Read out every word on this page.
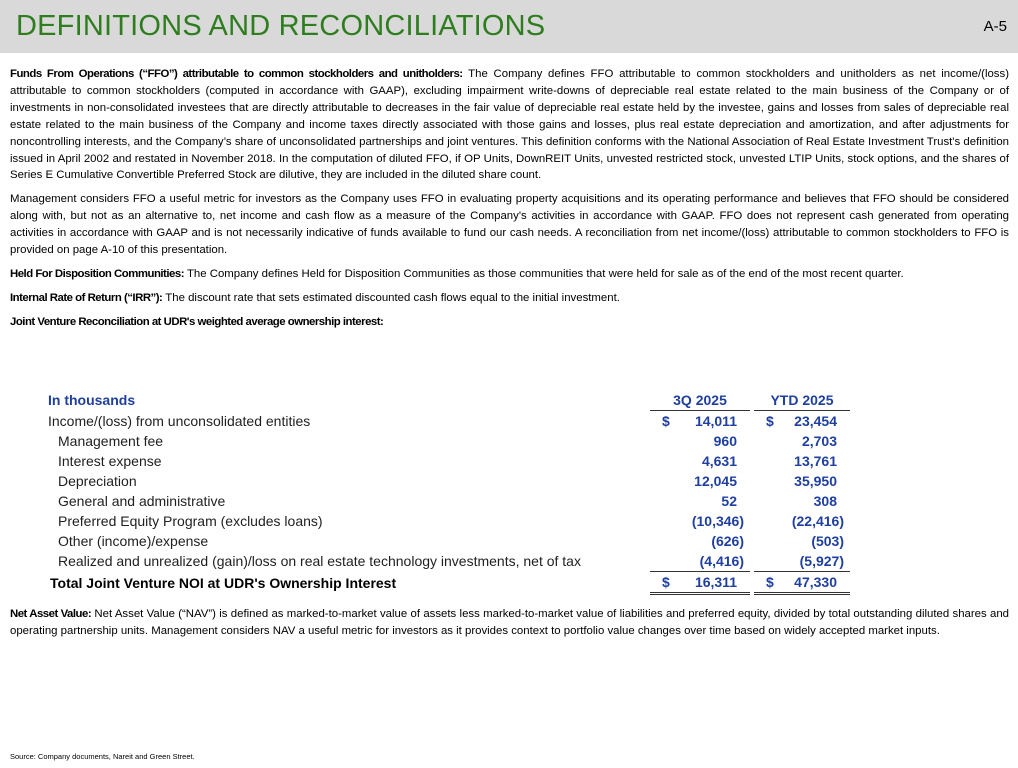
DEFINITIONS AND RECONCILIATIONS	A-5

Funds From Operations (“FFO”) attributable to common stockholders and unitholders: The Company defines FFO attributable to common stockholders and unitholders as net income/(loss) attributable to common stockholders (computed in accordance with GAAP), excluding impairment write-downs of depreciable real estate related to the main business of the Company or of investments in non-consolidated investees that are directly attributable to decreases in the fair value of depreciable real estate held by the investee, gains and losses from sales of depreciable real estate related to the main business of the Company and income taxes directly associated with those gains and losses, plus real estate depreciation and amortization, and after adjustments for noncontrolling interests, and the Company’s share of unconsolidated partnerships and joint ventures. This definition conforms with the National Association of Real Estate Investment Trust's definition issued in April 2002 and restated in November 2018. In the computation of diluted FFO, if OP Units, DownREIT Units, unvested restricted stock, unvested LTIP Units, stock options, and the shares of Series E Cumulative Convertible Preferred Stock are dilutive, they are included in the diluted share count.

Management considers FFO a useful metric for investors as the Company uses FFO in evaluating property acquisitions and its operating performance and believes that FFO should be considered along with, but not as an alternative to, net income and cash flow as a measure of the Company's activities in accordance with GAAP. FFO does not represent cash generated from operating activities in accordance with GAAP and is not necessarily indicative of funds available to fund our cash needs. A reconciliation from net income/(loss) attributable to common stockholders to FFO is provided on page A-10 of this presentation.

Held For Disposition Communities: The Company defines Held for Disposition Communities as those communities that were held for sale as of the end of the most recent quarter.

Internal Rate of Return (“IRR”): The discount rate that sets estimated discounted cash flows equal to the initial investment.

Joint Venture Reconciliation at UDR's weighted average ownership interest:

In thousands	3Q 2025		YTD 2025
Income/(loss) from unconsolidated entities	$ 14,011		$ 23,454

Management fee	960		2,703

Interest expense	4,631		13,761

Depreciation	12,045		35,950

General and administrative	52		308

Preferred Equity Program (excludes loans)	(10,346)		(22,416)

Other (income)/expense	(626)		(503)

Realized and unrealized (gain)/loss on real estate technology investments, net of tax	(4,416)		(5,927)

Total Joint Venture NOI at UDR's Ownership Interest	$ 16,311		$ 47,330

Net Asset Value: Net Asset Value (“NAV”) is defined as marked-to-market value of assets less marked-to-market value of liabilities and preferred equity, divided by total outstanding diluted shares and operating partnership units. Management considers NAV a useful metric for investors as it provides context to portfolio value changes over time based on widely accepted market inputs.

Source: Company documents, Nareit and Green Street.
